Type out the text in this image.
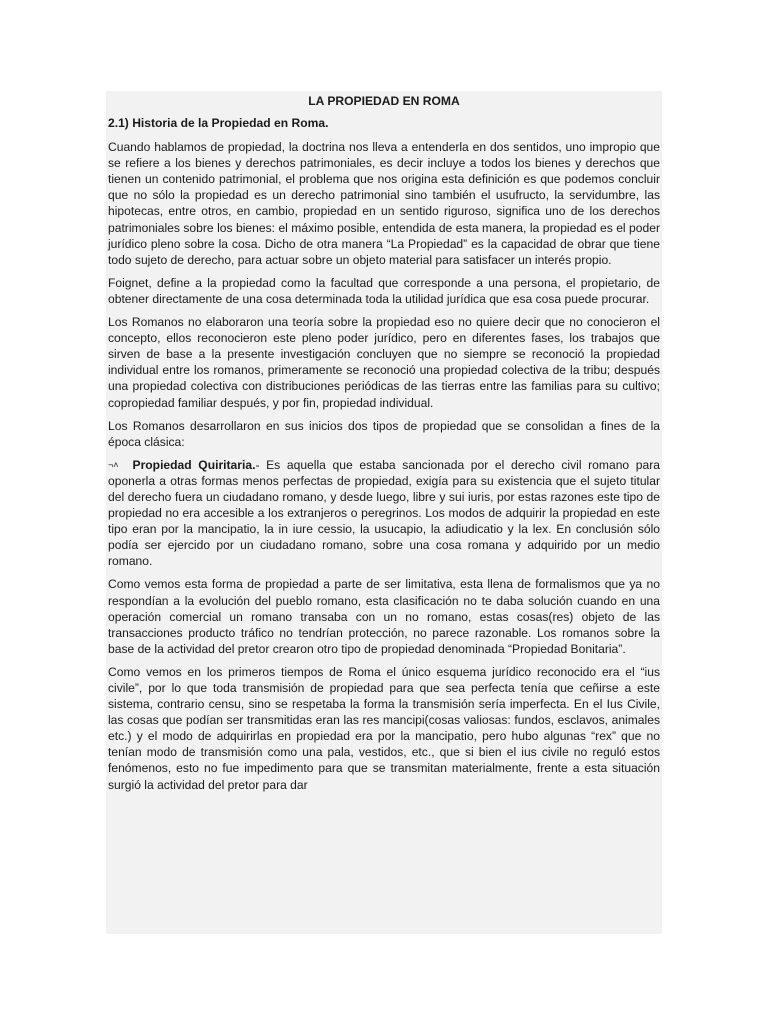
LA PROPIEDAD EN ROMA
2.1) Historia de la Propiedad en Roma.

Cuando hablamos de propiedad, la doctrina nos lleva a entenderla en dos sentidos, uno impropio que se refiere a los bienes y derechos patrimoniales, es decir incluye a todos los bienes y derechos que tienen un contenido patrimonial, el problema que nos origina esta definición es que podemos concluir que no sólo la propiedad es un derecho patrimonial sino también el usufructo, la servidumbre, las hipotecas, entre otros, en cambio, propiedad en un sentido riguroso, significa uno de los derechos patrimoniales sobre los bienes: el máximo posible, entendida de esta manera, la propiedad es el poder jurídico pleno sobre la cosa. Dicho de otra manera “La Propiedad” es la capacidad de obrar que tiene todo sujeto de derecho, para actuar sobre un objeto material para satisfacer un interés propio.

Foignet, define a la propiedad como la facultad que corresponde a una persona, el propietario, de obtener directamente de una cosa determinada toda la utilidad jurídica que esa cosa puede procurar.

Los Romanos no elaboraron una teoría sobre la propiedad eso no quiere decir que no conocieron el concepto, ellos reconocieron este pleno poder jurídico, pero en diferentes fases, los trabajos que sirven de base a la presente investigación concluyen que no siempre se reconoció la propiedad individual entre los romanos, primeramente se reconoció una propiedad colectiva de la tribu; después una propiedad colectiva con distribuciones periódicas de las tierras entre las familias para su cultivo; copropiedad familiar después, y por fin, propiedad individual.

Los Romanos desarrollaron en sus inicios dos tipos de propiedad que se consolidan a fines de la época clásica:

¬˄ Propiedad Quiritaria.- Es aquella que estaba sancionada por el derecho civil romano para oponerla a otras formas menos perfectas de propiedad, exigía para su existencia que el sujeto titular del derecho fuera un ciudadano romano, y desde luego, libre y sui iuris, por estas razones este tipo de propiedad no era accesible a los extranjeros o peregrinos. Los modos de adquirir la propiedad en este tipo eran por la mancipatio, la in iure cessio, la usucapio, la adiudicatio y la lex. En conclusión sólo podía ser ejercido por un ciudadano romano, sobre una cosa romana y adquirido por un medio romano.

Como vemos esta forma de propiedad a parte de ser limitativa, esta llena de formalismos que ya no respondían a la evolución del pueblo romano, esta clasificación no te daba solución cuando en una operación comercial un romano transaba con un no romano, estas cosas(res) objeto de las transacciones producto tráfico no tendrían protección, no parece razonable. Los romanos sobre la base de la actividad del pretor crearon otro tipo de propiedad denominada “Propiedad Bonitaria”.

Como vemos en los primeros tiempos de Roma el único esquema jurídico reconocido era el “ius civile”, por lo que toda transmisión de propiedad para que sea perfecta tenía que ceñirse a este sistema, contrario censu, sino se respetaba la forma la transmisión sería imperfecta. En el Ius Civile, las cosas que podían ser transmitidas eran las res mancipi(cosas valiosas: fundos, esclavos, animales etc.) y el modo de adquirirlas en propiedad era por la mancipatio, pero hubo algunas “rex” que no tenían modo de transmisión como una pala, vestidos, etc., que si bien el ius civile no reguló estos fenómenos, esto no fue impedimento para que se transmitan materialmente, frente a esta situación surgió la actividad del pretor para dar
